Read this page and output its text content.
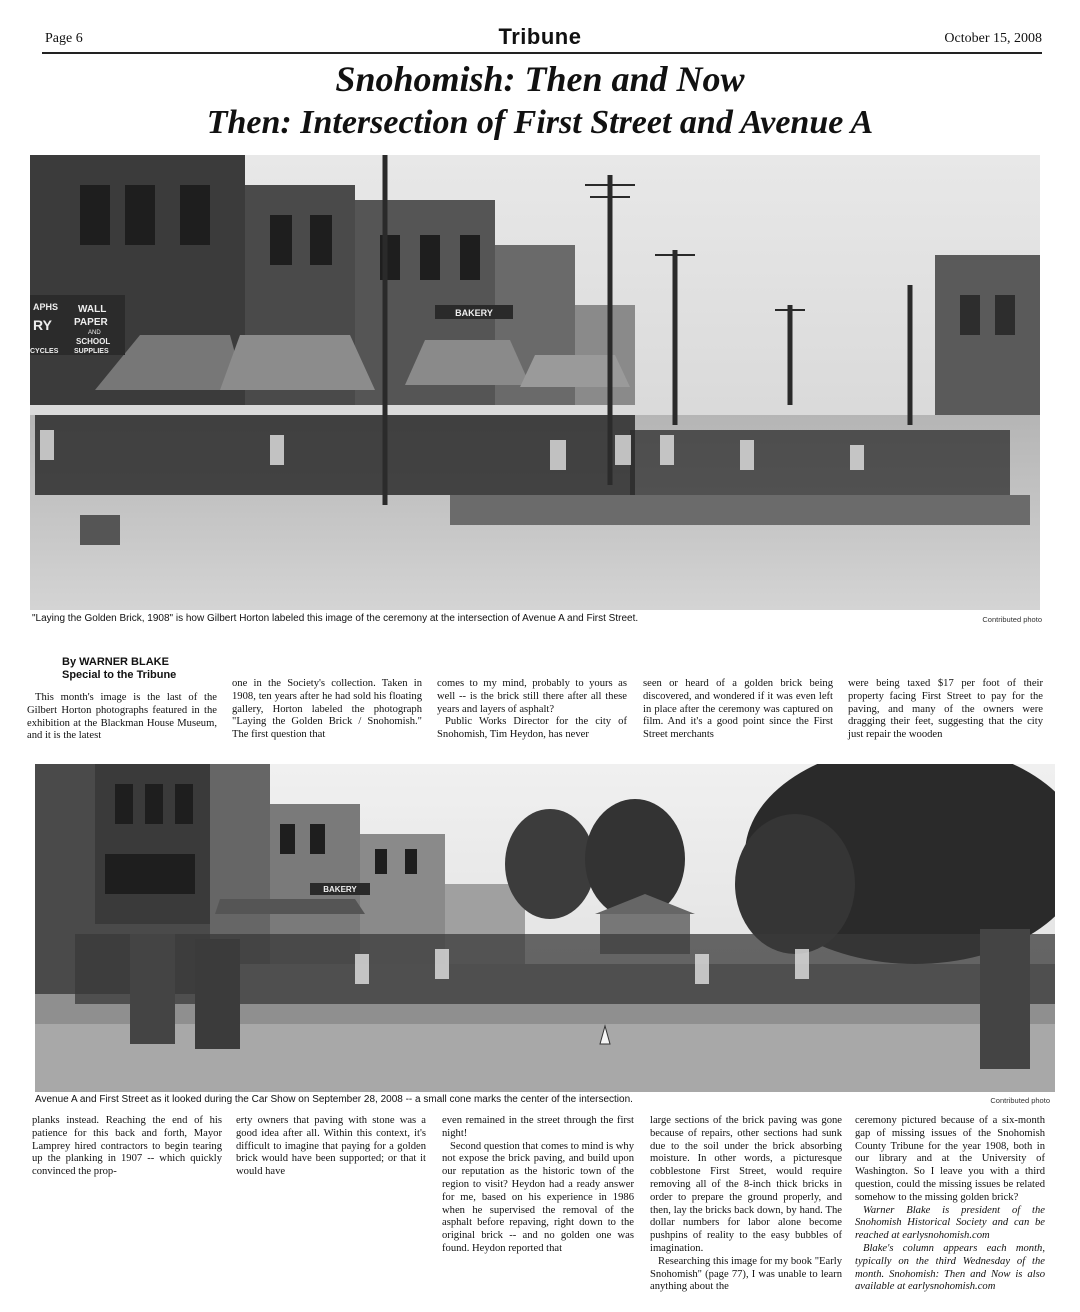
Page 6	Tribune	October 15, 2008
Snohomish: Then and Now
Then: Intersection of First Street and Avenue A
APHS WALL
PAPER
AND
SCHOOL
SUPPLIES
RY
CYCLES
BAKERY
"Laying the Golden Brick, 1908" is how Gilbert Horton labeled this image of the ceremony at the intersection of Avenue A and First Street.	Contributed photo
By WARNER BLAKE
Special to the Tribune

This month's image is the last of the Gilbert Horton photographs featured in the exhibition at the Blackman House Museum, and it is the latest

one in the Society's collection. Taken in 1908, ten years after he had sold his floating gallery, Horton labeled the photograph "Laying the Golden Brick / Snohomish." The first question that

comes to my mind, probably to yours as well -- is the brick still there after all these years and layers of asphalt?

Public Works Director for the city of Snohomish, Tim Heydon, has never

seen or heard of a golden brick being discovered, and wondered if it was even left in place after the ceremony was captured on film. And it's a good point since the First Street merchants

were being taxed $17 per foot of their property facing First Street to pay for the paving, and many of the owners were dragging their feet, suggesting that the city just repair the wooden

BAKERY
Avenue A and First Street as it looked during the Car Show on September 28, 2008 -- a small cone marks the center of the intersection.	Contributed photo

planks instead. Reaching the end of his patience for this back and forth, Mayor Lamprey hired contractors to begin tearing up the planking in 1907 -- which quickly convinced the prop-

erty owners that paving with stone was a good idea after all. Within this context, it's difficult to imagine that paying for a golden brick would have been supported; or that it would have

even remained in the street through the first night!

Second question that comes to mind is why not expose the brick paving, and build upon our reputation as the historic town of the region to visit? Heydon had a ready answer for me, based on his experience in 1986 when he supervised the removal of the asphalt before repaving, right down to the original brick -- and no golden one was found. Heydon reported that

large sections of the brick paving was gone because of repairs, other sections had sunk due to the soil under the brick absorbing moisture. In other words, a picturesque cobblestone First Street, would require removing all of the 8-inch thick bricks in order to prepare the ground properly, and then, lay the bricks back down, by hand. The dollar numbers for labor alone become pushpins of reality to the easy bubbles of imagination.

Researching this image for my book "Early Snohomish" (page 77), I was unable to learn anything about the

ceremony pictured because of a six-month gap of missing issues of the Snohomish County Tribune for the year 1908, both in our library and at the University of Washington. So I leave you with a third question, could the missing issues be related somehow to the missing golden brick?

Warner Blake is president of the Snohomish Historical Society and can be reached at earlysnohomish.com

Blake's column appears each month, typically on the third Wednesday of the month. Snohomish: Then and Now is also available at earlysnohomish.com
